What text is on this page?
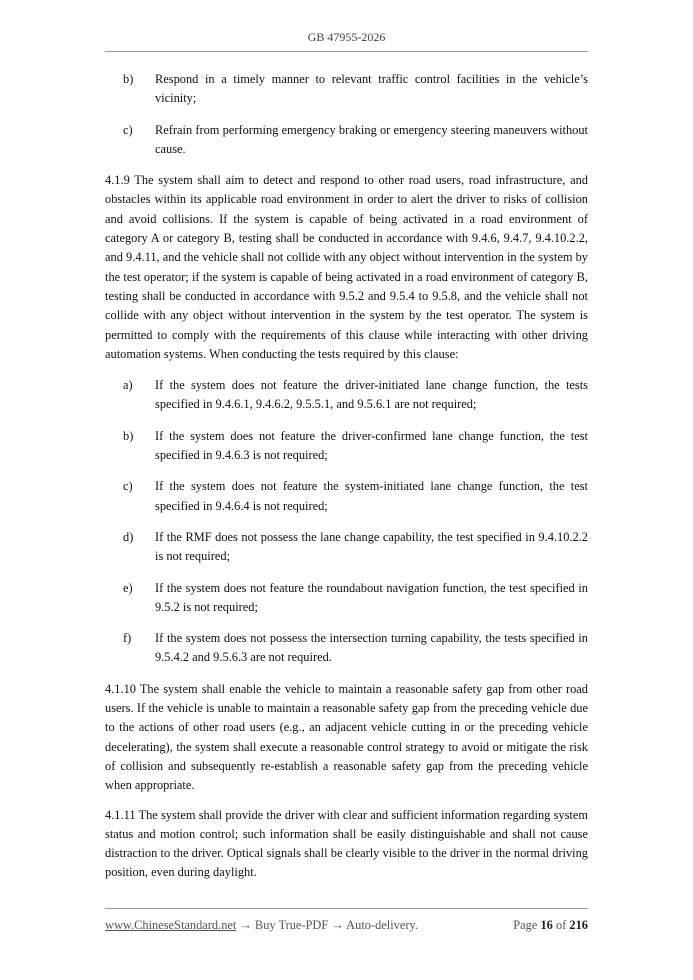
GB 47955-2026
b)	Respond in a timely manner to relevant traffic control facilities in the vehicle’s vicinity;
c)	Refrain from performing emergency braking or emergency steering maneuvers without cause.

4.1.9 The system shall aim to detect and respond to other road users, road infrastructure, and obstacles within its applicable road environment in order to alert the driver to risks of collision and avoid collisions. If the system is capable of being activated in a road environment of category A or category B, testing shall be conducted in accordance with 9.4.6, 9.4.7, 9.4.10.2.2, and 9.4.11, and the vehicle shall not collide with any object without intervention in the system by the test operator; if the system is capable of being activated in a road environment of category B, testing shall be conducted in accordance with 9.5.2 and 9.5.4 to 9.5.8, and the vehicle shall not collide with any object without intervention in the system by the test operator. The system is permitted to comply with the requirements of this clause while interacting with other driving automation systems. When conducting the tests required by this clause:

a)	If the system does not feature the driver-initiated lane change function, the tests specified in 9.4.6.1, 9.4.6.2, 9.5.5.1, and 9.5.6.1 are not required;
b)	If the system does not feature the driver-confirmed lane change function, the test specified in 9.4.6.3 is not required;
c)	If the system does not feature the system-initiated lane change function, the test specified in 9.4.6.4 is not required;
d)	If the RMF does not possess the lane change capability, the test specified in 9.4.10.2.2 is not required;
e)	If the system does not feature the roundabout navigation function, the test specified in 9.5.2 is not required;
f)	If the system does not possess the intersection turning capability, the tests specified in 9.5.4.2 and 9.5.6.3 are not required.

4.1.10 The system shall enable the vehicle to maintain a reasonable safety gap from other road users. If the vehicle is unable to maintain a reasonable safety gap from the preceding vehicle due to the actions of other road users (e.g., an adjacent vehicle cutting in or the preceding vehicle decelerating), the system shall execute a reasonable control strategy to avoid or mitigate the risk of collision and subsequently re-establish a reasonable safety gap from the preceding vehicle when appropriate.

4.1.11 The system shall provide the driver with clear and sufficient information regarding system status and motion control; such information shall be easily distinguishable and shall not cause distraction to the driver. Optical signals shall be clearly visible to the driver in the normal driving position, even during daylight.

www.ChineseStandard.net → Buy True-PDF → Auto-delivery.	Page 16 of 216
